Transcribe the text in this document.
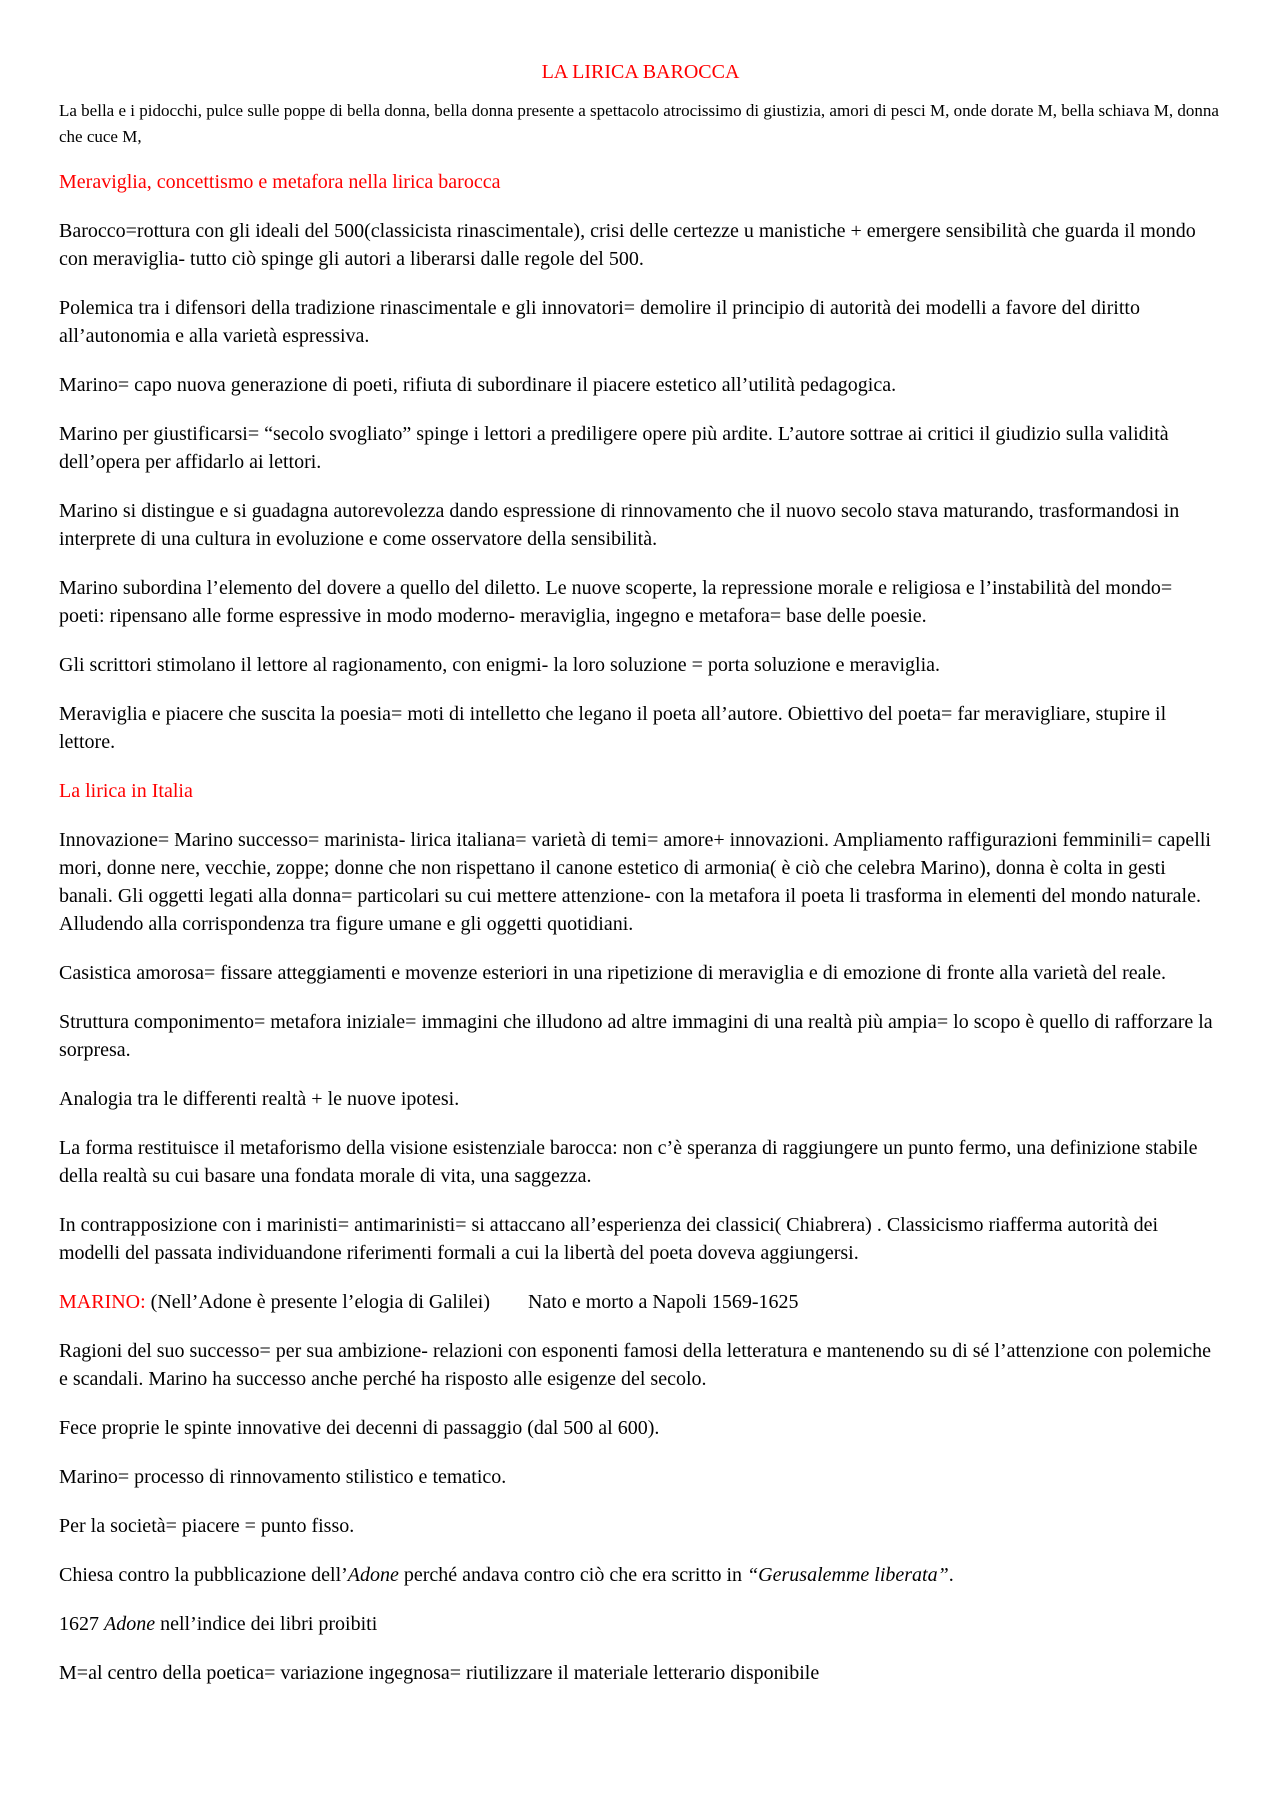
LA LIRICA BAROCCA

La bella e i pidocchi, pulce sulle poppe di bella donna, bella donna presente a spettacolo atrocissimo di giustizia, amori di pesci M, onde dorate M, bella schiava M, donna che cuce M,

Meraviglia, concettismo e metafora nella lirica barocca

Barocco=rottura con gli ideali del 500(classicista rinascimentale), crisi delle certezze u manistiche + emergere sensibilità che guarda il mondo con meraviglia- tutto ciò spinge gli autori a liberarsi dalle regole del 500.

Polemica tra i difensori della tradizione rinascimentale e gli innovatori= demolire il principio di autorità dei modelli a favore del diritto all’autonomia e alla varietà espressiva.

Marino= capo nuova generazione di poeti, rifiuta di subordinare il piacere estetico all’utilità pedagogica.

Marino per giustificarsi= “secolo svogliato” spinge i lettori a prediligere opere più ardite. L’autore sottrae ai critici il giudizio sulla validità dell’opera per affidarlo ai lettori.

Marino si distingue e si guadagna autorevolezza dando espressione di rinnovamento che il nuovo secolo stava maturando, trasformandosi in interprete di una cultura in evoluzione e come osservatore della sensibilità.

Marino subordina l’elemento del dovere a quello del diletto. Le nuove scoperte, la repressione morale e religiosa e l’instabilità del mondo= poeti: ripensano alle forme espressive in modo moderno- meraviglia, ingegno e metafora= base delle poesie.

Gli scrittori stimolano il lettore al ragionamento, con enigmi- la loro soluzione = porta soluzione e meraviglia.

Meraviglia e piacere che suscita la poesia= moti di intelletto che legano il poeta all’autore. Obiettivo del poeta= far meravigliare, stupire il lettore.

La lirica in Italia

Innovazione= Marino successo= marinista- lirica italiana= varietà di temi= amore+ innovazioni. Ampliamento raffigurazioni femminili= capelli mori, donne nere, vecchie, zoppe; donne che non rispettano il canone estetico di armonia( è ciò che celebra Marino), donna è colta in gesti banali. Gli oggetti legati alla donna= particolari su cui mettere attenzione- con la metafora il poeta li trasforma in elementi del mondo naturale. Alludendo alla corrispondenza tra figure umane e gli oggetti quotidiani.

Casistica amorosa= fissare atteggiamenti e movenze esteriori in una ripetizione di meraviglia e di emozione di fronte alla varietà del reale.

Struttura componimento= metafora iniziale= immagini che illudono ad altre immagini di una realtà più ampia= lo scopo è quello di rafforzare la sorpresa.

Analogia tra le differenti realtà + le nuove ipotesi.

La forma restituisce il metaforismo della visione esistenziale barocca: non c’è speranza di raggiungere un punto fermo, una definizione stabile della realtà su cui basare una fondata morale di vita, una saggezza.

In contrapposizione con i marinisti= antimarinisti= si attaccano all’esperienza dei classici( Chiabrera) . Classicismo riafferma autorità dei modelli del passata individuandone riferimenti formali a cui la libertà del poeta doveva aggiungersi.

MARINO: (Nell’Adone è presente l’elogia di Galilei) Nato e morto a Napoli 1569-1625

Ragioni del suo successo= per sua ambizione- relazioni con esponenti famosi della letteratura e mantenendo su di sé l’attenzione con polemiche e scandali. Marino ha successo anche perché ha risposto alle esigenze del secolo.

Fece proprie le spinte innovative dei decenni di passaggio (dal 500 al 600).

Marino= processo di rinnovamento stilistico e tematico.

Per la società= piacere = punto fisso.

Chiesa contro la pubblicazione dell’Adone perché andava contro ciò che era scritto in “Gerusalemme liberata”.

1627 Adone nell’indice dei libri proibiti

M=al centro della poetica= variazione ingegnosa= riutilizzare il materiale letterario disponibile
